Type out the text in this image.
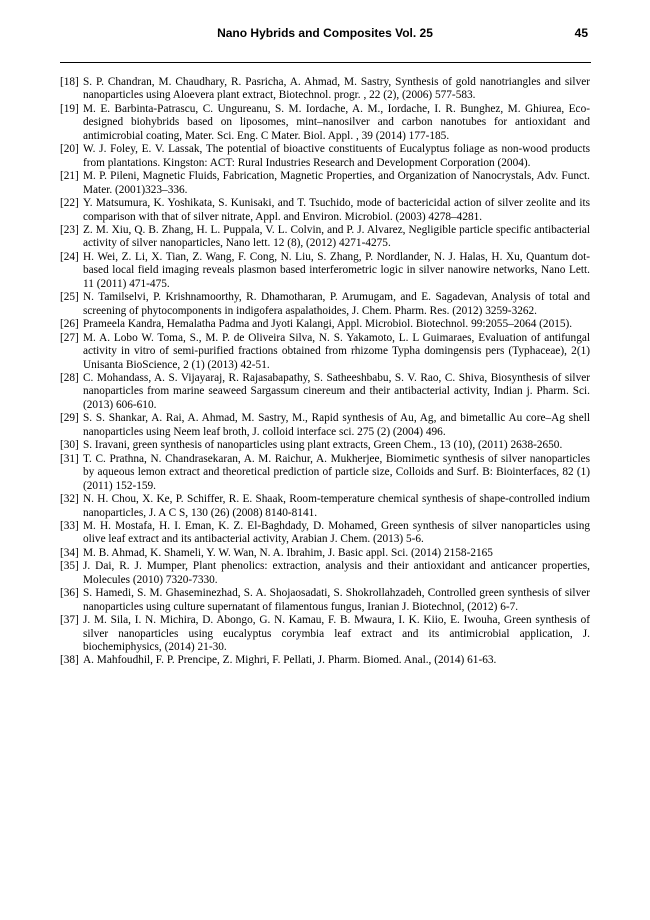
Nano Hybrids and Composites Vol. 25	45
[18] S. P. Chandran, M. Chaudhary, R. Pasricha, A. Ahmad, M. Sastry, Synthesis of gold nanotriangles and silver nanoparticles using Aloevera plant extract, Biotechnol. progr. , 22 (2), (2006) 577-583.
[19] M. E. Barbinta-Patrascu, C. Ungureanu, S. M. Iordache, A. M., Iordache, I. R. Bunghez, M. Ghiurea, Eco-designed biohybrids based on liposomes, mint–nanosilver and carbon nanotubes for antioxidant and antimicrobial coating, Mater. Sci. Eng. C Mater. Biol. Appl. , 39 (2014) 177-185.
[20] W. J. Foley, E. V. Lassak, The potential of bioactive constituents of Eucalyptus foliage as non-wood products from plantations. Kingston: ACT: Rural Industries Research and Development Corporation (2004).
[21] M. P. Pileni, Magnetic Fluids, Fabrication, Magnetic Properties, and Organization of Nanocrystals, Adv. Funct. Mater. (2001)323–336.
[22] Y. Matsumura, K. Yoshikata, S. Kunisaki, and T. Tsuchido, mode of bactericidal action of silver zeolite and its comparison with that of silver nitrate, Appl. and Environ. Microbiol. (2003) 4278–4281.
[23] Z. M. Xiu, Q. B. Zhang, H. L. Puppala, V. L. Colvin, and P. J. Alvarez, Negligible particle specific antibacterial activity of silver nanoparticles, Nano lett. 12 (8), (2012) 4271-4275.
[24] H. Wei, Z. Li, X. Tian, Z. Wang, F. Cong, N. Liu, S. Zhang, P. Nordlander, N. J. Halas, H. Xu, Quantum dot-based local field imaging reveals plasmon based interferometric logic in silver nanowire networks, Nano Lett. 11 (2011) 471-475.
[25] N. Tamilselvi, P. Krishnamoorthy, R. Dhamotharan, P. Arumugam, and E. Sagadevan, Analysis of total and screening of phytocomponents in indigofera aspalathoides, J. Chem. Pharm. Res. (2012) 3259-3262.
[26] Prameela Kandra, Hemalatha Padma and Jyoti Kalangi, Appl. Microbiol. Biotechnol. 99:2055–2064 (2015).
[27] M. A. Lobo W. Toma, S., M. P. de Oliveira Silva, N. S. Yakamoto, L. L Guimaraes, Evaluation of antifungal activity in vitro of semi-purified fractions obtained from rhizome Typha domingensis pers (Typhaceae), 2(1) Unisanta BioScience, 2 (1) (2013) 42-51.
[28] C. Mohandass, A. S. Vijayaraj, R. Rajasabapathy, S. Satheeshbabu, S. V. Rao, C. Shiva, Biosynthesis of silver nanoparticles from marine seaweed Sargassum cinereum and their antibacterial activity, Indian j. Pharm. Sci. (2013) 606-610.
[29] S. S. Shankar, A. Rai, A. Ahmad, M. Sastry, M., Rapid synthesis of Au, Ag, and bimetallic Au core–Ag shell nanoparticles using Neem leaf broth, J. colloid interface sci. 275 (2) (2004) 496.
[30] S. Iravani, green synthesis of nanoparticles using plant extracts, Green Chem., 13 (10), (2011) 2638-2650.
[31] T. C. Prathna, N. Chandrasekaran, A. M. Raichur, A. Mukherjee, Biomimetic synthesis of silver nanoparticles by aqueous lemon extract and theoretical prediction of particle size, Colloids and Surf. B: Biointerfaces, 82 (1) (2011) 152-159.
[32] N. H. Chou, X. Ke, P. Schiffer, R. E. Shaak, Room-temperature chemical synthesis of shape-controlled indium nanoparticles, J. A C S, 130 (26) (2008) 8140-8141.
[33] M. H. Mostafa, H. I. Eman, K. Z. El-Baghdady, D. Mohamed, Green synthesis of silver nanoparticles using olive leaf extract and its antibacterial activity, Arabian J. Chem. (2013) 5-6.
[34] M. B. Ahmad, K. Shameli, Y. W. Wan, N. A. Ibrahim, J. Basic appl. Sci. (2014) 2158-2165
[35] J. Dai, R. J. Mumper, Plant phenolics: extraction, analysis and their antioxidant and anticancer properties, Molecules (2010) 7320-7330.
[36] S. Hamedi, S. M. Ghaseminezhad, S. A. Shojaosadati, S. Shokrollahzadeh, Controlled green synthesis of silver nanoparticles using culture supernatant of filamentous fungus, Iranian J. Biotechnol, (2012) 6-7.
[37] J. M. Sila, I. N. Michira, D. Abongo, G. N. Kamau, F. B. Mwaura, I. K. Kiio, E. Iwouha, Green synthesis of silver nanoparticles using eucalyptus corymbia leaf extract and its antimicrobial application, J. biochemiphysics, (2014) 21-30.
[38] A. Mahfoudhil, F. P. Prencipe, Z. Mighri, F. Pellati, J. Pharm. Biomed. Anal., (2014) 61-63.
